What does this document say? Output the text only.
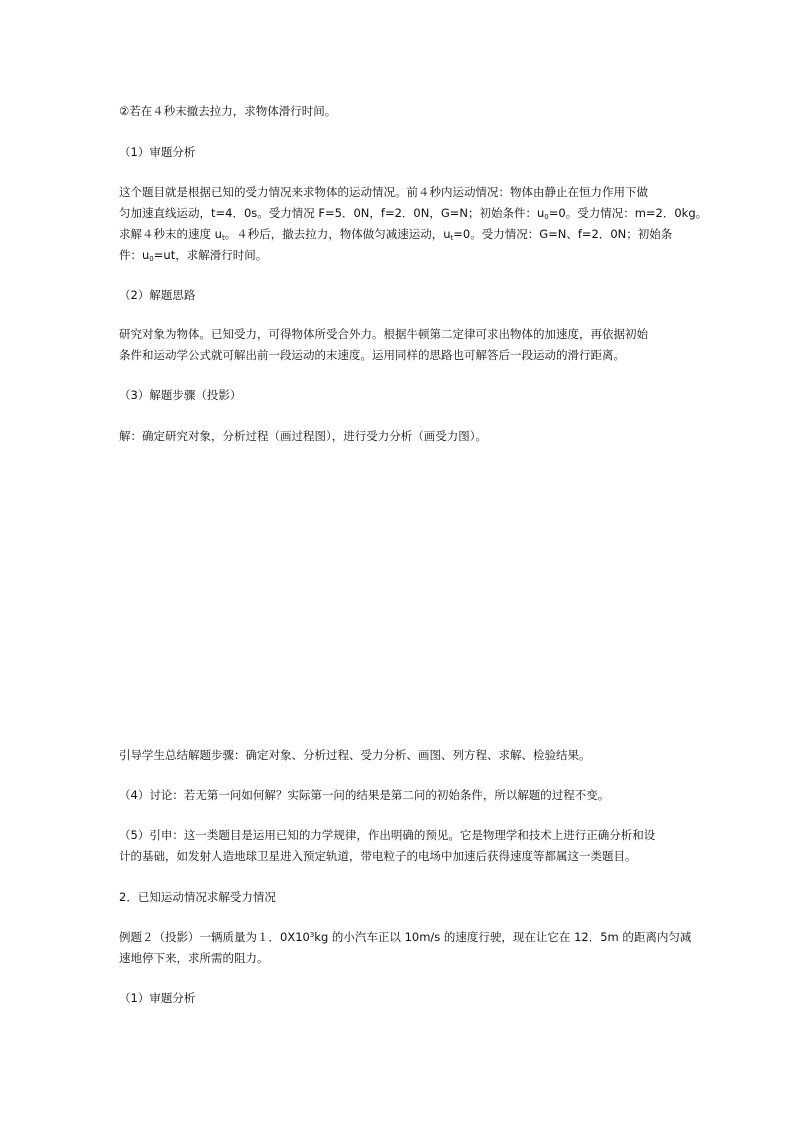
②若在４秒末撤去拉力，求物体滑行时间。

（1）审题分析

这个题目就是根据已知的受力情况来求物体的运动情况。前４秒内运动情况：物体由静止在恒力作用下做

匀加速直线运动，t=4．0s。受力情况 F=5．0N，f=2．0N，G=N；初始条件：$u_0=0$。受力情况：m=2．0kg。

求解４秒末的速度 $u_t$。４秒后，撤去拉力，物体做匀减速运动，$u_t=0$。受力情况：G=N、f=2．0N；初始条

件：$u_0=ut$，求解滑行时间。

（2）解题思路

研究对象为物体。已知受力，可得物体所受合外力。根据牛顿第二定律可求出物体的加速度，再依据初始

条件和运动学公式就可解出前一段运动的末速度。运用同样的思路也可解答后一段运动的滑行距离。

（3）解题步骤（投影）

解：确定研究对象，分析过程（画过程图），进行受力分析（画受力图）。

引导学生总结解题步骤：确定对象、分析过程、受力分析、画图、列方程、求解、检验结果。

（4）讨论：若无第一问如何解？实际第一问的结果是第二问的初始条件，所以解题的过程不变。

（5）引申：这一类题目是运用已知的力学规律，作出明确的预见。它是物理学和技术上进行正确分析和设

计的基础，如发射人造地球卫星进入预定轨道，带电粒子的电场中加速后获得速度等都属这一类题目。

2．已知运动情况求解受力情况

例题２（投影）一辆质量为１．$0X10^3kg$ 的小汽车正以 10m/s 的速度行驶，现在让它在 12．5m 的距离内匀减

速地停下来，求所需的阻力。

（1）审题分析
